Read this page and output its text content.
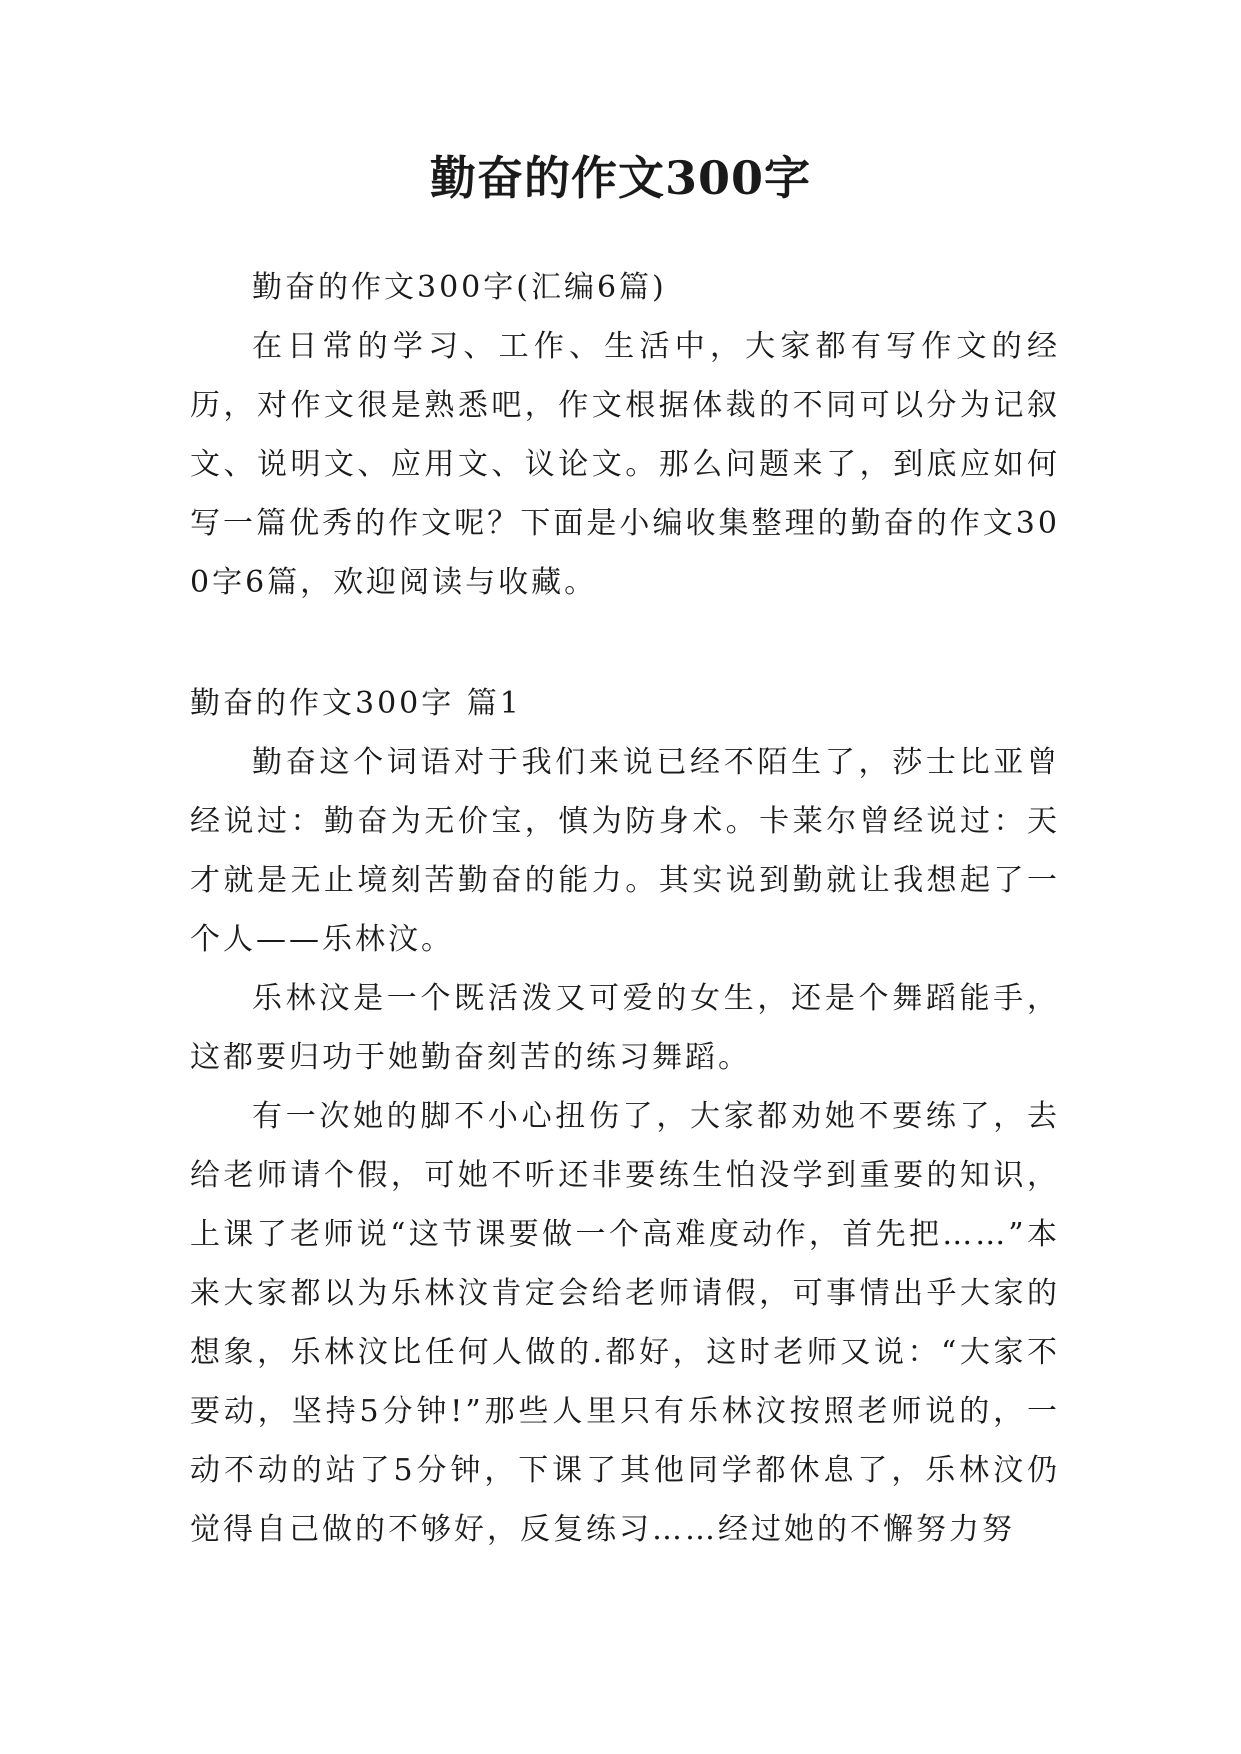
勤奋的作文300字

勤奋的作文300字(汇编6篇)

在日常的学习、工作、生活中，大家都有写作文的经历，对作文很是熟悉吧，作文根据体裁的不同可以分为记叙文、说明文、应用文、议论文。那么问题来了，到底应如何写一篇优秀的作文呢？下面是小编收集整理的勤奋的作文300字6篇，欢迎阅读与收藏。

勤奋的作文300字 篇1

勤奋这个词语对于我们来说已经不陌生了，莎士比亚曾经说过：勤奋为无价宝，慎为防身术。卡莱尔曾经说过：天才就是无止境刻苦勤奋的能力。其实说到勤就让我想起了一个人——乐林汶。

乐林汶是一个既活泼又可爱的女生，还是个舞蹈能手，这都要归功于她勤奋刻苦的练习舞蹈。

有一次她的脚不小心扭伤了，大家都劝她不要练了，去给老师请个假，可她不听还非要练生怕没学到重要的知识，上课了老师说“这节课要做一个高难度动作，首先把……”本来大家都以为乐林汶肯定会给老师请假，可事情出乎大家的想象，乐林汶比任何人做的.都好，这时老师又说：“大家不要动，坚持5分钟!”那些人里只有乐林汶按照老师说的，一动不动的站了5分钟，下课了其他同学都休息了，乐林汶仍觉得自己做的不够好，反复练习……经过她的不懈努力努
